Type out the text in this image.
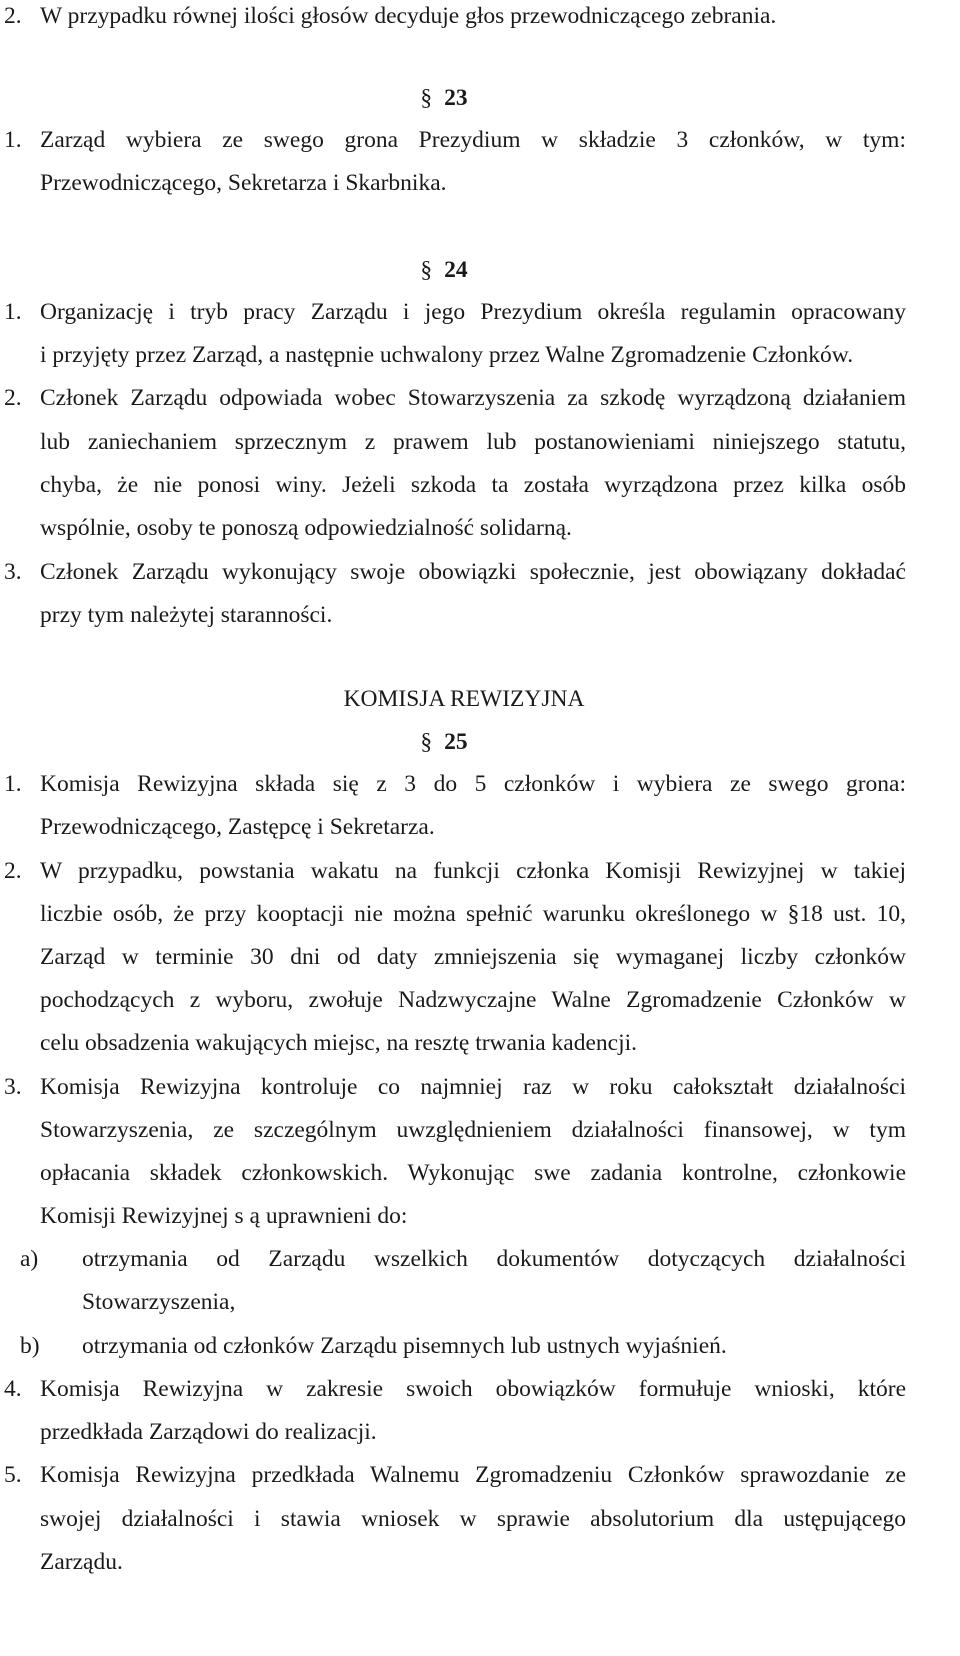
2. W przypadku równej ilości głosów decyduje głos przewodniczącego zebrania.
§ 23
1. Zarząd wybiera ze swego grona Prezydium w składzie 3 członków, w tym:
Przewodniczącego, Sekretarza i Skarbnika.
§ 24
1. Organizację i tryb pracy Zarządu i jego Prezydium określa regulamin opracowany
i przyjęty przez Zarząd, a następnie uchwalony przez Walne Zgromadzenie Członków.
2. Członek Zarządu odpowiada wobec Stowarzyszenia za szkodę wyrządzoną działaniem
lub zaniechaniem sprzecznym z prawem lub postanowieniami niniejszego statutu,
chyba, że nie ponosi winy. Jeżeli szkoda ta została wyrządzona przez kilka osób
wspólnie, osoby te ponoszą odpowiedzialność solidarną.
3. Członek Zarządu wykonujący swoje obowiązki społecznie, jest obowiązany dokładać
przy tym należytej staranności.
KOMISJA REWIZYJNA
§ 25
1. Komisja Rewizyjna składa się z 3 do 5 członków i wybiera ze swego grona:
Przewodniczącego, Zastępcę i Sekretarza.
2. W przypadku, powstania wakatu na funkcji członka Komisji Rewizyjnej w takiej
liczbie osób, że przy kooptacji nie można spełnić warunku określonego w §18 ust. 10,
Zarząd w terminie 30 dni od daty zmniejszenia się wymaganej liczby członków
pochodzących z wyboru, zwołuje Nadzwyczajne Walne Zgromadzenie Członków w
celu obsadzenia wakujących miejsc, na resztę trwania kadencji.
3. Komisja Rewizyjna kontroluje co najmniej raz w roku całokształt działalności
Stowarzyszenia, ze szczególnym uwzględnieniem działalności finansowej, w tym
opłacania składek członkowskich. Wykonując swe zadania kontrolne, członkowie
Komisji Rewizyjnej s ą uprawnieni do:
a) otrzymania od Zarządu wszelkich dokumentów dotyczących działalności
Stowarzyszenia,
b) otrzymania od członków Zarządu pisemnych lub ustnych wyjaśnień.
4. Komisja Rewizyjna w zakresie swoich obowiązków formułuje wnioski, które
przedkłada Zarządowi do realizacji.
5. Komisja Rewizyjna przedkłada Walnemu Zgromadzeniu Członków sprawozdanie ze
swojej działalności i stawia wniosek w sprawie absolutorium dla ustępującego
Zarządu.
